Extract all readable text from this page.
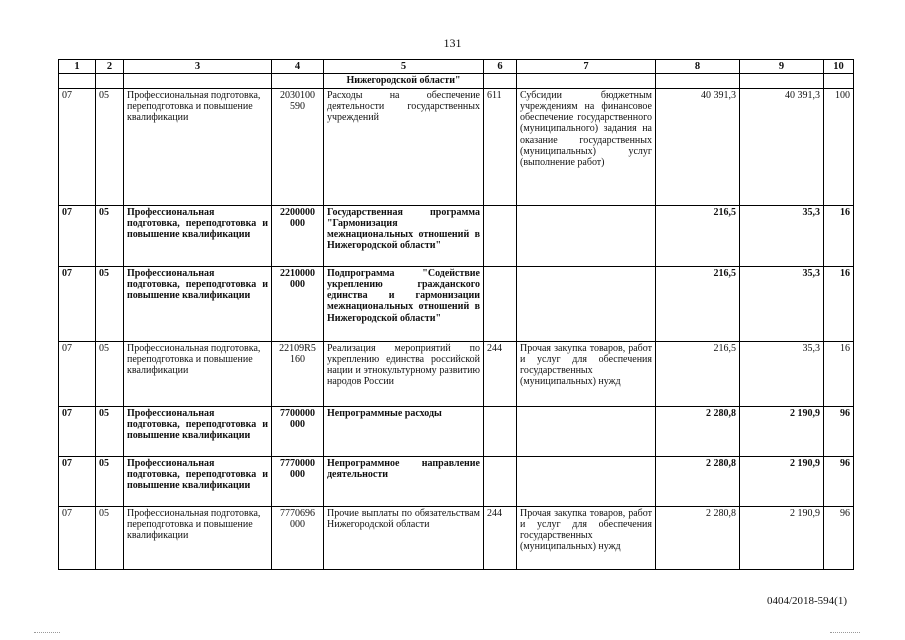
131
1	2	3	4	5	6	7	8	9	10
				Нижегородской области"					
07	05	Профессиональная подготовка, переподготовка и повышение квалификации	2030100 590	Расходы на обеспечение деятельности государственных учреждений	611	Субсидии бюджетным учреждениям на финансовое обеспечение государственного (муниципального) задания на оказание государственных (муниципальных) услуг (выполнение работ)	40 391,3	40 391,3	100
07	05	Профессиональная подготовка, переподготовка и повышение квалификации	2200000 000	Государственная программа "Гармонизация межнациональных отношений в Нижегородской области"			216,5	35,3	16
07	05	Профессиональная подготовка, переподготовка и повышение квалификации	2210000 000	Подпрограмма "Содействие укреплению гражданского единства и гармонизации межнациональных отношений в Нижегородской области"			216,5	35,3	16
07	05	Профессиональная подготовка, переподготовка и повышение квалификации	22109R5 160	Реализация мероприятий по укреплению единства российской нации и этнокультурному развитию народов России	244	Прочая закупка товаров, работ и услуг для обеспечения государственных (муниципальных) нужд	216,5	35,3	16
07	05	Профессиональная подготовка, переподготовка и повышение квалификации	7700000 000	Непрограммные расходы			2 280,8	2 190,9	96
07	05	Профессиональная подготовка, переподготовка и повышение квалификации	7770000 000	Непрограммное направление деятельности			2 280,8	2 190,9	96
07	05	Профессиональная подготовка, переподготовка и повышение квалификации	7770696 000	Прочие выплаты по обязательствам Нижегородской области	244	Прочая закупка товаров, работ и услуг для обеспечения государственных (муниципальных) нужд	2 280,8	2 190,9	96
0404/2018-594(1)
